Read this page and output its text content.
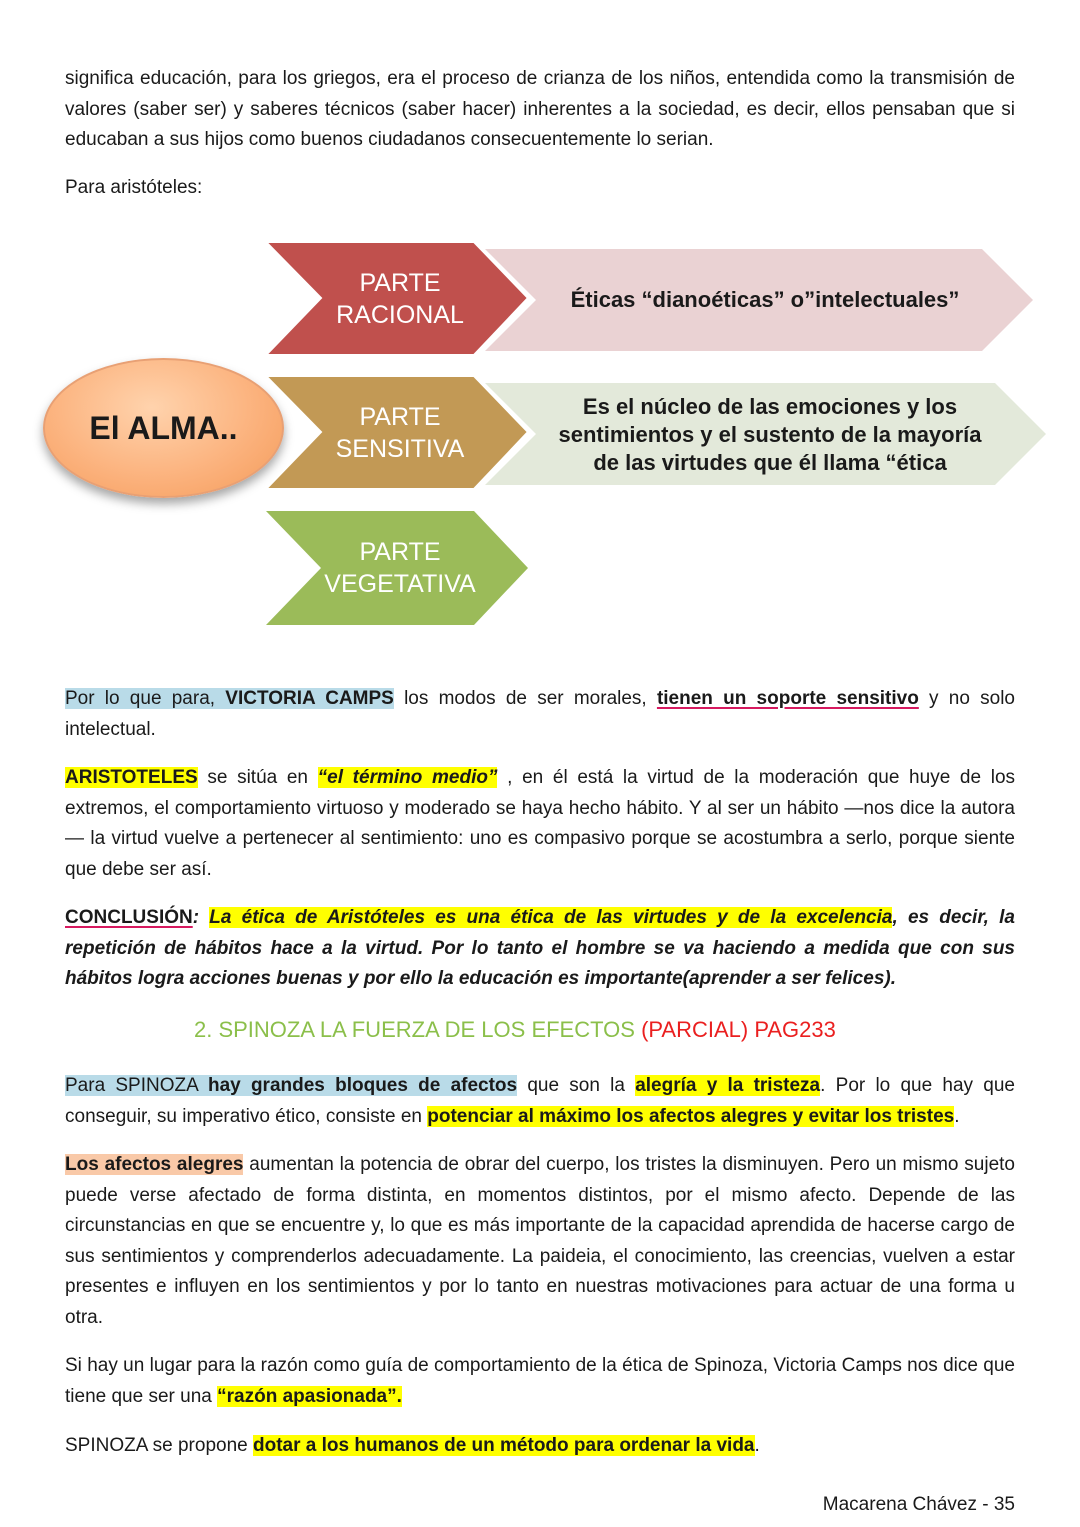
significa educación, para los griegos, era el proceso de crianza de los niños, entendida como la transmisión de valores (saber ser) y saberes técnicos (saber hacer) inherentes a la sociedad, es decir, ellos pensaban que si educaban a sus hijos como buenos ciudadanos consecuentemente lo serian.

Para aristóteles:

El ALMA..
PARTE
RACIONAL
Éticas “dianoéticas” o”intelectuales”
PARTE
SENSITIVA
Es el núcleo de las emociones y los sentimientos y el sustento de la mayoría de las virtudes que él llama “ética
PARTE
VEGETATIVA

Por lo que para, VICTORIA CAMPS los modos de ser morales, tienen un soporte sensitivo y no solo intelectual.

ARISTOTELES se sitúa en “el término medio” , en él está la virtud de la moderación que huye de los extremos, el comportamiento virtuoso y moderado se haya hecho hábito. Y al ser un hábito —nos dice la autora— la virtud vuelve a pertenecer al sentimiento: uno es compasivo porque se acostumbra a serlo, porque siente que debe ser así.

CONCLUSIÓN: La ética de Aristóteles es una ética de las virtudes y de la excelencia, es decir, la repetición de hábitos hace a la virtud. Por lo tanto el hombre se va haciendo a medida que con sus hábitos logra acciones buenas y por ello la educación es importante(aprender a ser felices).

2. SPINOZA LA FUERZA DE LOS EFECTOS (PARCIAL) PAG233

Para SPINOZA hay grandes bloques de afectos que son la alegría y la tristeza. Por lo que hay que conseguir, su imperativo ético, consiste en potenciar al máximo los afectos alegres y evitar los tristes.

Los afectos alegres aumentan la potencia de obrar del cuerpo, los tristes la disminuyen. Pero un mismo sujeto puede verse afectado de forma distinta, en momentos distintos, por el mismo afecto. Depende de las circunstancias en que se encuentre y, lo que es más importante de la capacidad aprendida de hacerse cargo de sus sentimientos y comprenderlos adecuadamente. La paideia, el conocimiento, las creencias, vuelven a estar presentes e influyen en los sentimientos y por lo tanto en nuestras motivaciones para actuar de una forma u otra.

Si hay un lugar para la razón como guía de comportamiento de la ética de Spinoza, Victoria Camps nos dice que tiene que ser una “razón apasionada”.

SPINOZA se propone dotar a los humanos de un método para ordenar la vida.

Macarena Chávez - 35
